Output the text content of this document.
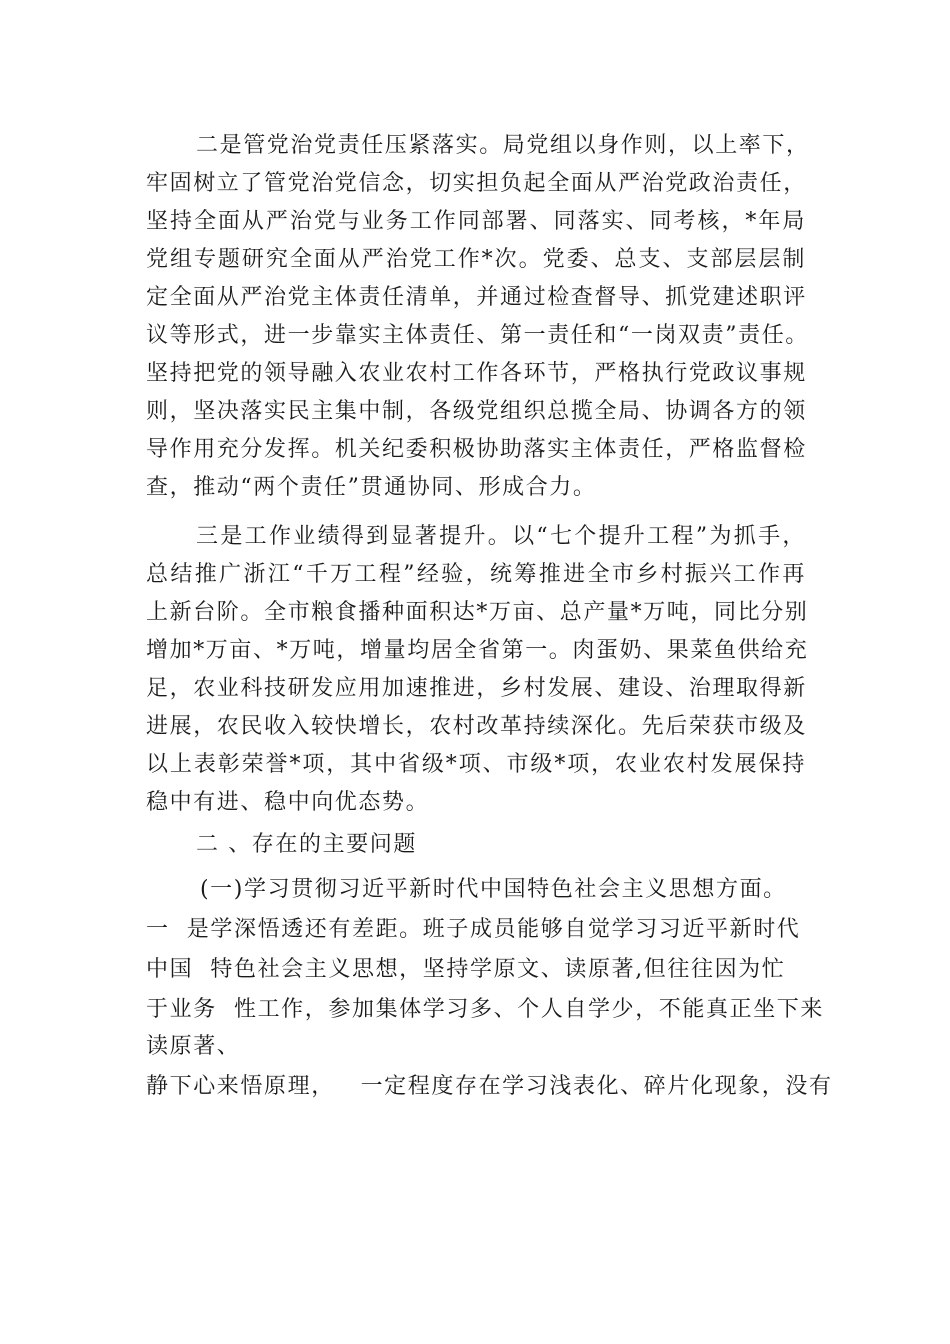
二是管党治党责任压紧落实。局党组以身作则，以上率下，

牢固树立了管党治党信念，切实担负起全面从严治党政治责任，

坚持全面从严治党与业务工作同部署、同落实、同考核，*年局

党组专题研究全面从严治党工作*次。党委、总支、支部层层制

定全面从严治党主体责任清单，并通过检查督导、抓党建述职评

议等形式，进一步靠实主体责任、第一责任和“一岗双责”责任。

坚持把党的领导融入农业农村工作各环节，严格执行党政议事规

则，坚决落实民主集中制，各级党组织总揽全局、协调各方的领

导作用充分发挥。机关纪委积极协助落实主体责任，严格监督检

查，推动“两个责任”贯通协同、形成合力。

三是工作业绩得到显著提升。以“七个提升工程”为抓手，

总结推广浙江“千万工程”经验，统筹推进全市乡村振兴工作再

上新台阶。全市粮食播种面积达*万亩、总产量*万吨，同比分别

增加*万亩、*万吨，增量均居全省第一。肉蛋奶、果菜鱼供给充

足，农业科技研发应用加速推进，乡村发展、建设、治理取得新

进展，农民收入较快增长，农村改革持续深化。先后荣获市级及

以上表彰荣誉*项，其中省级*项、市级*项，农业农村发展保持

稳中有进、稳中向优态势。

二 、存在的主要问题

(一)学习贯彻习近平新时代中国特色社会主义思想方面。

一  是学深悟透还有差距。班子成员能够自觉学习习近平新时代

中国  特色社会主义思想，坚持学原文、读原著,但往往因为忙

于业务  性工作，参加集体学习多、个人自学少，不能真正坐下来

读原著、

静下心来悟原理，   一定程度存在学习浅表化、碎片化现象，没有
